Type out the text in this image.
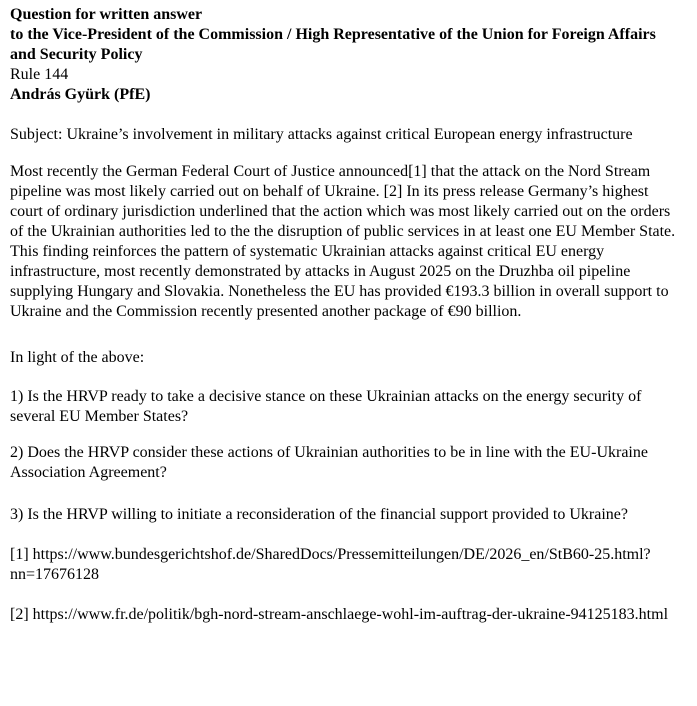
Question for written answer
to the Vice-President of the Commission / High Representative of the Union for Foreign Affairs and Security Policy
Rule 144
András Gyürk (PfE)
Subject: Ukraine’s involvement in military attacks against critical European energy infrastructure

Most recently the German Federal Court of Justice announced[1] that the attack on the Nord Stream pipeline was most likely carried out on behalf of Ukraine. [2] In its press release Germany’s highest court of ordinary jurisdiction underlined that the action which was most likely carried out on the orders of the Ukrainian authorities led to the the disruption of public services in at least one EU Member State. This finding reinforces the pattern of systematic Ukrainian attacks against critical EU energy infrastructure, most recently demonstrated by attacks in August 2025 on the Druzhba oil pipeline supplying Hungary and Slovakia. Nonetheless the EU has provided €193.3 billion in overall support to Ukraine and the Commission recently presented another package of €90 billion.

In light of the above:

1) Is the HRVP ready to take a decisive stance on these Ukrainian attacks on the energy security of several EU Member States?

2) Does the HRVP consider these actions of Ukrainian authorities to be in line with the EU-Ukraine Association Agreement?

3) Is the HRVP willing to initiate a reconsideration of the financial support provided to Ukraine?

[1] https://www.bundesgerichtshof.de/SharedDocs/Pressemitteilungen/DE/2026_en/StB60-25.html?nn=17676128

[2] https://www.fr.de/politik/bgh-nord-stream-anschlaege-wohl-im-auftrag-der-ukraine-94125183.html
